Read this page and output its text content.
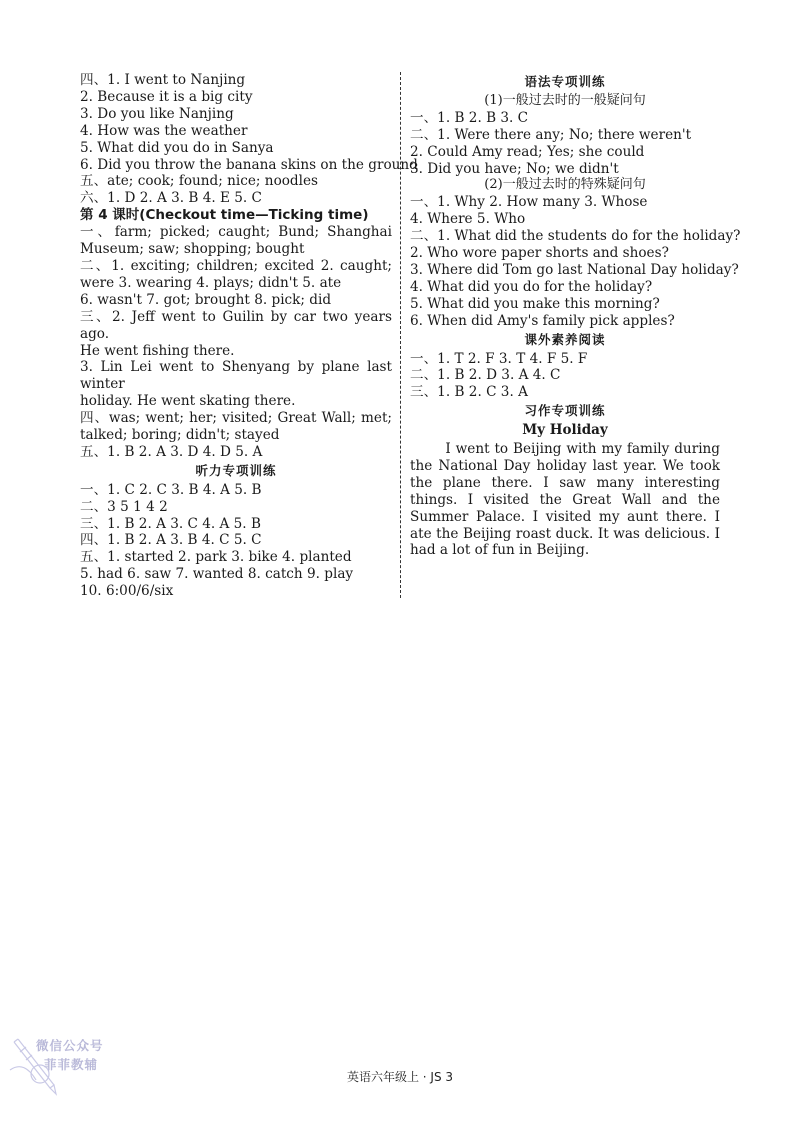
四、1. I went to Nanjing
2. Because it is a big city
3. Do you like Nanjing
4. How was the weather
5. What did you do in Sanya
6. Did you throw the banana skins on the ground
五、ate; cook; found; nice; noodles
六、1. D 2. A 3. B 4. E 5. C
第 4 课时(Checkout time—Ticking time)
一、farm; picked; caught; Bund; Shanghai
Museum; saw; shopping; bought
二、1. exciting; children; excited 2. caught;
were 3. wearing 4. plays; didn't 5. ate
6. wasn't 7. got; brought 8. pick; did
三、2. Jeff went to Guilin by car two years ago.
He went fishing there.
3. Lin Lei went to Shenyang by plane last winter
holiday. He went skating there.
四、was; went; her; visited; Great Wall; met;
talked; boring; didn't; stayed
五、1. B 2. A 3. D 4. D 5. A
听力专项训练
一、1. C 2. C 3. B 4. A 5. B
二、3 5 1 4 2
三、1. B 2. A 3. C 4. A 5. B
四、1. B 2. A 3. B 4. C 5. C
五、1. started 2. park 3. bike 4. planted
5. had 6. saw 7. wanted 8. catch 9. play
10. 6:00/6/six
语法专项训练
(1)一般过去时的一般疑问句
一、1. B 2. B 3. C
二、1. Were there any; No; there weren't
2. Could Amy read; Yes; she could
3. Did you have; No; we didn't
(2)一般过去时的特殊疑问句
一、1. Why 2. How many 3. Whose
4. Where 5. Who
二、1. What did the students do for the holiday?
2. Who wore paper shorts and shoes?
3. Where did Tom go last National Day holiday?
4. What did you do for the holiday?
5. What did you make this morning?
6. When did Amy's family pick apples?
课外素养阅读
一、1. T 2. F 3. T 4. F 5. F
二、1. B 2. D 3. A 4. C
三、1. B 2. C 3. A
习作专项训练
My Holiday
I went to Beijing with my family during the National Day holiday last year. We took the plane there. I saw many interesting things. I visited the Great Wall and the Summer Palace. I visited my aunt there. I ate the Beijing roast duck. It was delicious. I had a lot of fun in Beijing.
微信公众号
菲菲教辅
英语六年级上 · JS 3
